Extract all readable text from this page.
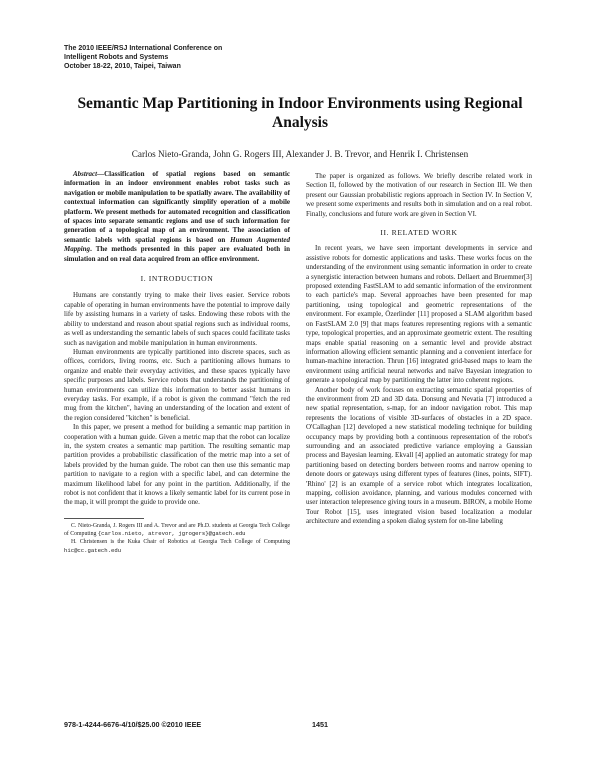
The 2010 IEEE/RSJ International Conference on
Intelligent Robots and Systems
October 18-22, 2010, Taipei, Taiwan
Semantic Map Partitioning in Indoor Environments using Regional Analysis
Carlos Nieto-Granda, John G. Rogers III, Alexander J. B. Trevor, and Henrik I. Christensen

Abstract—Classification of spatial regions based on semantic information in an indoor environment enables robot tasks such as navigation or mobile manipulation to be spatially aware. The availability of contextual information can significantly simplify operation of a mobile platform. We present methods for automated recognition and classification of spaces into separate semantic regions and use of such information for generation of a topological map of an environment. The association of semantic labels with spatial regions is based on Human Augmented Mapping. The methods presented in this paper are evaluated both in simulation and on real data acquired from an office environment.

I. INTRODUCTION

Humans are constantly trying to make their lives easier. Service robots capable of operating in human environments have the potential to improve daily life by assisting humans in a variety of tasks. Endowing these robots with the ability to understand and reason about spatial regions such as individual rooms, as well as understanding the semantic labels of such spaces could facilitate tasks such as navigation and mobile manipulation in human environments.

Human environments are typically partitioned into discrete spaces, such as offices, corridors, living rooms, etc. Such a partitioning allows humans to organize and enable their everyday activities, and these spaces typically have specific purposes and labels. Service robots that understands the partitioning of human environments can utilize this information to better assist humans in everyday tasks. For example, if a robot is given the command "fetch the red mug from the kitchen", having an understanding of the location and extent of the region considered "kitchen" is beneficial.

In this paper, we present a method for building a semantic map partition in cooperation with a human guide. Given a metric map that the robot can localize in, the system creates a semantic map partition. The resulting semantic map partition provides a probabilistic classification of the metric map into a set of labels provided by the human guide. The robot can then use this semantic map partition to navigate to a region with a specific label, and can determine the maximum likelihood label for any point in the partition. Additionally, if the robot is not confident that it knows a likely semantic label for its current pose in the map, it will prompt the guide to provide one.

C. Nieto-Granda, J. Rogers III and A. Trevor and are Ph.D. students at Georgia Tech College of Computing {carlos.nieto, atrevor, jgrogers}@gatech.edu

H. Christensen is the Kuka Chair of Robotics at Georgia Tech College of Computing hic@cc.gatech.edu

The paper is organized as follows. We briefly describe related work in Section II, followed by the motivation of our research in Section III. We then present our Gaussian probabilistic regions approach in Section IV. In Section V, we present some experiments and results both in simulation and on a real robot. Finally, conclusions and future work are given in Section VI.

II. RELATED WORK

In recent years, we have seen important developments in service and assistive robots for domestic applications and tasks. These works focus on the understanding of the environment using semantic information in order to create a synergistic interaction between humans and robots. Dellaert and Bruemmer[3] proposed extending FastSLAM to add semantic information of the environment to each particle's map. Several approaches have been presented for map partitioning, using topological and geometric representations of the environment. For example, Özerlinder [11] proposed a SLAM algorithm based on FastSLAM 2.0 [9] that maps features representing regions with a semantic type, topological properties, and an approximate geometric extent. The resulting maps enable spatial reasoning on a semantic level and provide abstract information allowing efficient semantic planning and a convenient interface for human-machine interaction. Thrun [16] integrated grid-based maps to learn the environment using artificial neural networks and naïve Bayesian integration to generate a topological map by partitioning the latter into coherent regions.

Another body of work focuses on extracting semantic spatial properties of the environment from 2D and 3D data. Donsung and Nevatia [7] introduced a new spatial representation, s-map, for an indoor navigation robot. This map represents the locations of visible 3D-surfaces of obstacles in a 2D space. O'Callaghan [12] developed a new statistical modeling technique for building occupancy maps by providing both a continuous representation of the robot's surrounding and an associated predictive variance employing a Gaussian process and Bayesian learning. Ekvall [4] applied an automatic strategy for map partitioning based on detecting borders between rooms and narrow opening to denote doors or gateways using different types of features (lines, points, SIFT). 'Rhino' [2] is an example of a service robot which integrates localization, mapping, collision avoidance, planning, and various modules concerned with user interaction telepresence giving tours in a museum. BIRON, a mobile Home Tour Robot [15], uses integrated vision based localization a modular architecture and extending a spoken dialog system for on-line labeling

978-1-4244-6676-4/10/$25.00 ©2010 IEEE	1451
